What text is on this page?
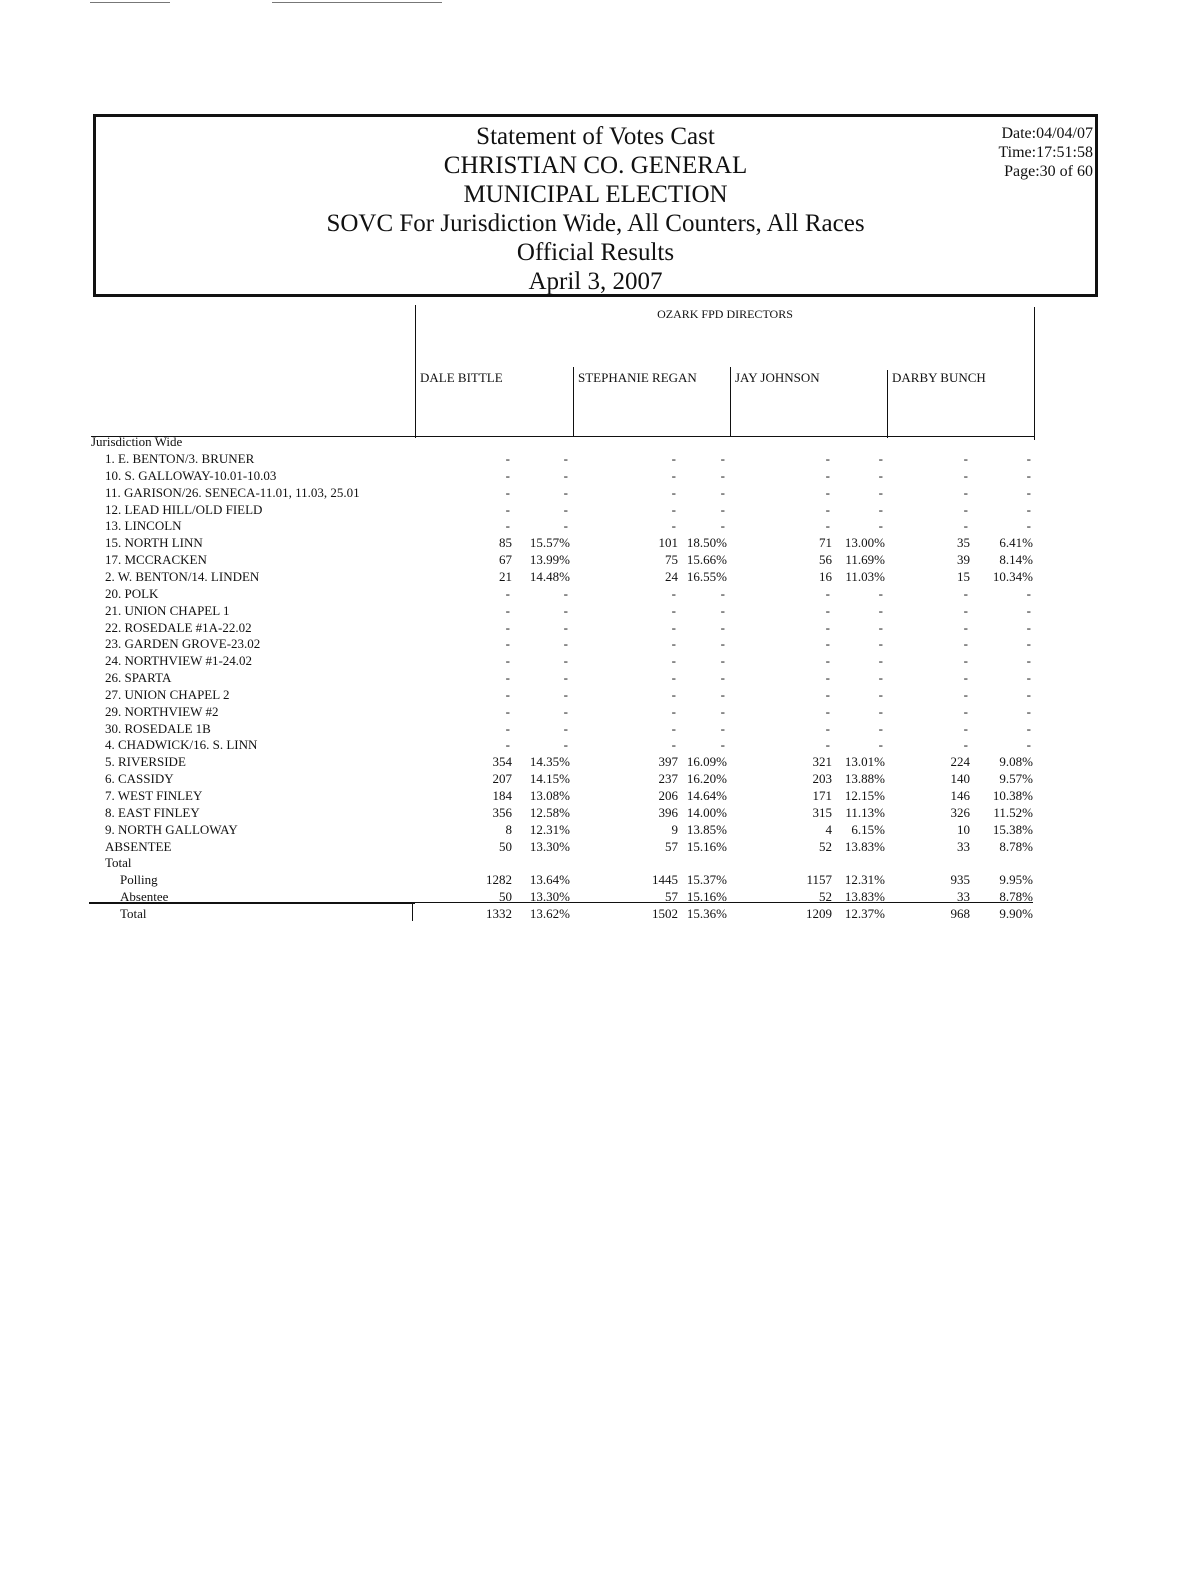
Statement of Votes Cast
CHRISTIAN CO. GENERAL
MUNICIPAL ELECTION
SOVC For Jurisdiction Wide, All Counters, All Races
Official Results
April 3, 2007
Date:04/04/07
Time:17:51:58
Page:30 of 60
OZARK FPD DIRECTORS
DALE BITTLE	STEPHANIE REGAN	JAY JOHNSON	DARBY BUNCH
Jurisdiction Wide
1. E. BENTON/3. BRUNER	-	-	-	-	-	-	-	-
10. S. GALLOWAY-10.01-10.03	-	-	-	-	-	-	-	-
11. GARISON/26. SENECA-11.01, 11.03, 25.01	-	-	-	-	-	-	-	-
12. LEAD HILL/OLD FIELD	-	-	-	-	-	-	-	-
13. LINCOLN	-	-	-	-	-	-	-	-
15. NORTH LINN	85 15.57%	101 18.50%	71 13.00%	35 6.41%
17. MCCRACKEN	67 13.99%	75 15.66%	56 11.69%	39 8.14%
2. W. BENTON/14. LINDEN	21 14.48%	24 16.55%	16 11.03%	15 10.34%
20. POLK	-	-	-	-	-	-	-	-
21. UNION CHAPEL 1	-	-	-	-	-	-	-	-
22. ROSEDALE #1A-22.02	-	-	-	-	-	-	-	-
23. GARDEN GROVE-23.02	-	-	-	-	-	-	-	-
24. NORTHVIEW #1-24.02	-	-	-	-	-	-	-	-
26. SPARTA	-	-	-	-	-	-	-	-
27. UNION CHAPEL 2	-	-	-	-	-	-	-	-
29. NORTHVIEW #2	-	-	-	-	-	-	-	-
30. ROSEDALE 1B	-	-	-	-	-	-	-	-
4. CHADWICK/16. S. LINN	-	-	-	-	-	-	-	-
5. RIVERSIDE	354 14.35%	397 16.09%	321 13.01%	224 9.08%
6. CASSIDY	207 14.15%	237 16.20%	203 13.88%	140 9.57%
7. WEST FINLEY	184 13.08%	206 14.64%	171 12.15%	146 10.38%
8. EAST FINLEY	356 12.58%	396 14.00%	315 11.13%	326 11.52%
9. NORTH GALLOWAY	8 12.31%	9 13.85%	4 6.15%	10 15.38%
ABSENTEE	50 13.30%	57 15.16%	52 13.83%	33 8.78%
Total
Polling	1282 13.64%	1445 15.37%	1157 12.31%	935 9.95%
Absentee	50 13.30%	57 15.16%	52 13.83%	33 8.78%
Total	1332 13.62%	1502 15.36%	1209 12.37%	968 9.90%
